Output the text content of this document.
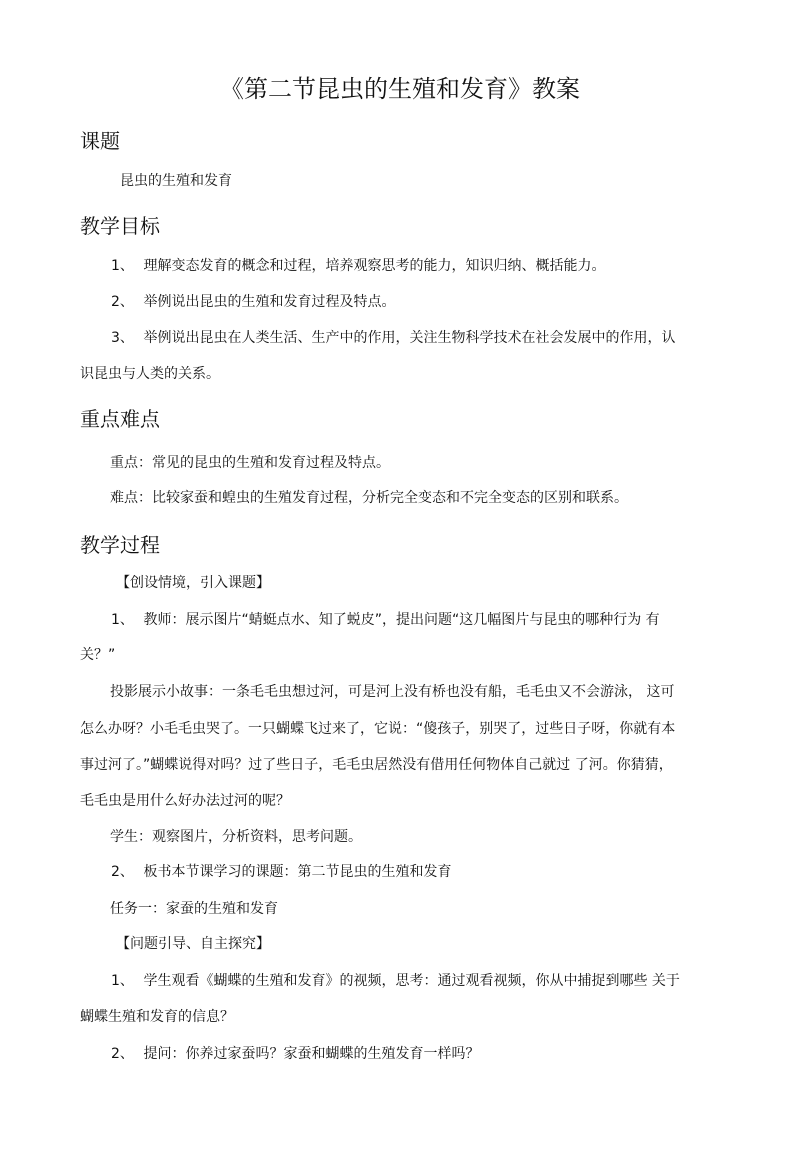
《第二节昆虫的生殖和发育》教案
课题
昆虫的生殖和发育
教学目标
1、 理解变态发育的概念和过程，培养观察思考的能力，知识归纳、概括能力。
2、 举例说出昆虫的生殖和发育过程及特点。
3、 举例说出昆虫在人类生活、生产中的作用，关注生物科学技术在社会发展中的作用，认
识昆虫与人类的关系。
重点难点
重点：常见的昆虫的生殖和发育过程及特点。
难点：比较家蚕和蝗虫的生殖发育过程，分析完全变态和不完全变态的区别和联系。
教学过程
【创设情境，引入课题】
1、 教师：展示图片“蜻蜓点水、知了蜕皮”，提出问题“这几幅图片与昆虫的哪种行为 有
关？”
投影展示小故事：一条毛毛虫想过河，可是河上没有桥也没有船，毛毛虫又不会游泳， 这可
怎么办呀？小毛毛虫哭了。一只蝴蝶飞过来了，它说：“傻孩子，别哭了，过些日子呀，你就有本
事过河了。”蝴蝶说得对吗？过了些日子，毛毛虫居然没有借用任何物体自己就过 了河。你猜猜，
毛毛虫是用什么好办法过河的呢？
学生：观察图片，分析资料，思考问题。
2、 板书本节课学习的课题：第二节昆虫的生殖和发育
任务一：家蚕的生殖和发育
【问题引导、自主探究】
1、 学生观看《蝴蝶的生殖和发育》的视频，思考：通过观看视频，你从中捕捉到哪些 关于
蝴蝶生殖和发育的信息？
2、 提问：你养过家蚕吗？家蚕和蝴蝶的生殖发育一样吗？
